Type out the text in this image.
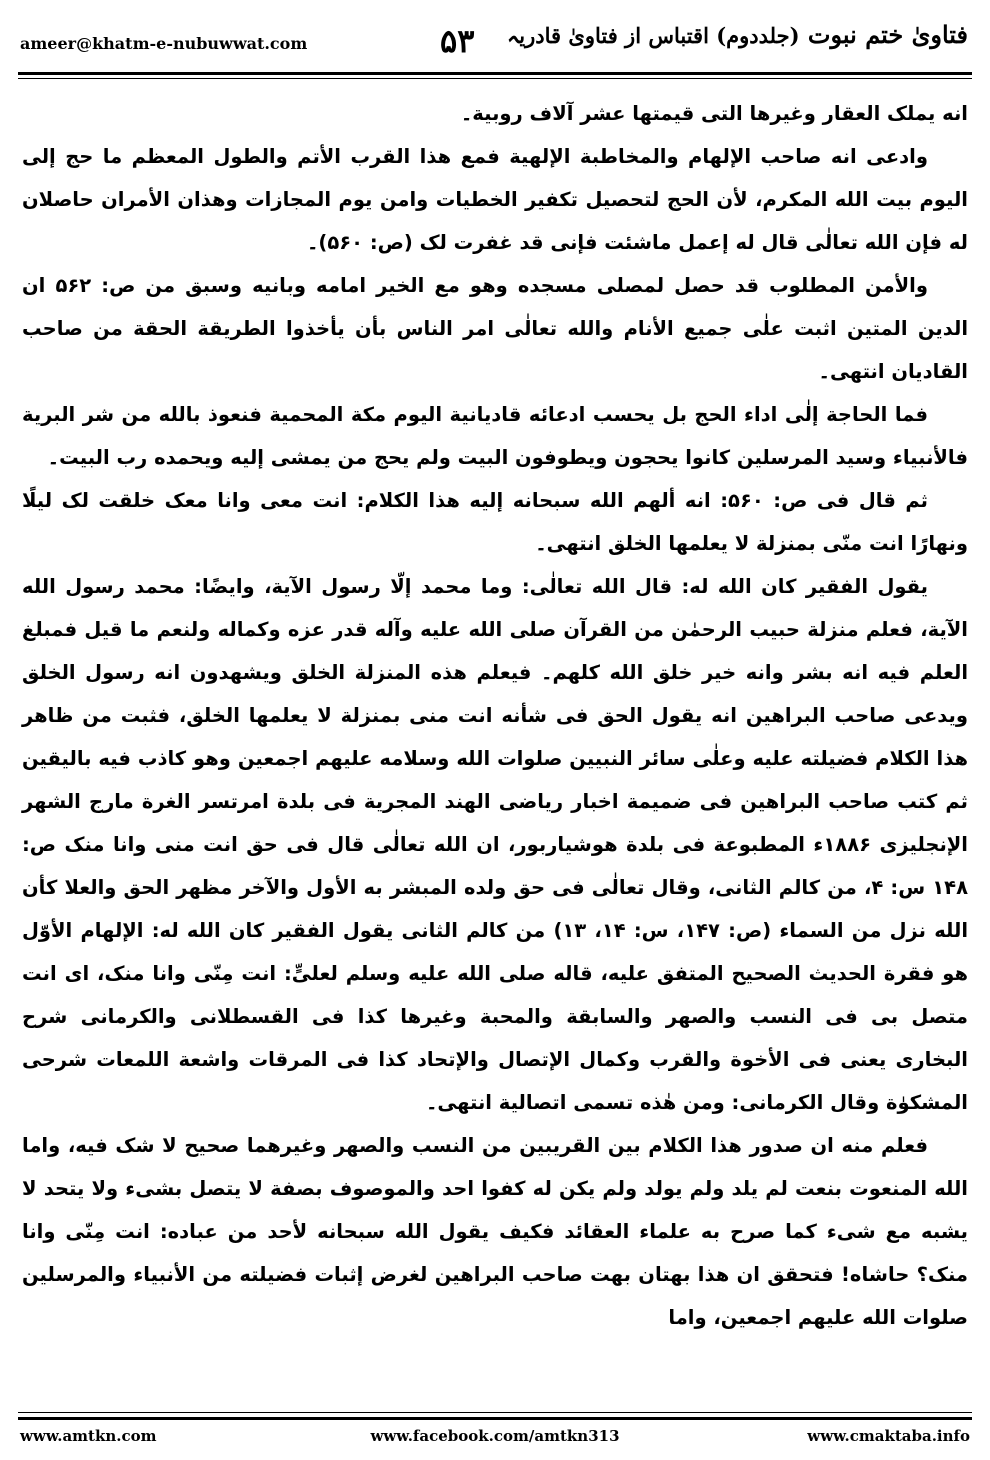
ameer@khatm-e-nubuwwat.com	۵۳	فتاویٰ ختم نبوت (جلددوم) اقتباس از فتاویٰ قادریہ

انه يملک العقار وغيرها التی قيمتها عشر آلاف روبية۔

وادعی انه صاحب الإلهام والمخاطبة الإلهية فمع هذا القرب الأتم والطول المعظم ما حج إلی اليوم بيت الله المکرم، لأن الحج لتحصيل تکفير الخطيات وامن يوم المجازات وهذان الأمران حاصلان له فإن الله تعالٰی قال له إعمل ماشئت فإنی قد غفرت لک (ص: ۵۶۰)۔

والأمن المطلوب قد حصل لمصلی مسجده وهو مع الخير امامه وبانيه وسبق من ص: ۵۶۲ ان الدين المتين اثبت علٰی جميع الأنام والله تعالٰی امر الناس بأن يأخذوا الطريقة الحقة من صاحب القاديان انتهی۔

فما الحاجة إلٰی اداء الحج بل يحسب ادعائه قاديانية اليوم مکة المحمية فنعوذ بالله من شر البرية فالأنبياء وسيد المرسلين کانوا يحجون ويطوفون البيت ولم يحج من يمشی إليه ويحمده رب البيت۔

ثم قال فی ص: ۵۶۰: انه ألهم الله سبحانه إليه هذا الکلام: انت معی وانا معک خلقت لک ليلًا ونهارًا انت منّی بمنزلة لا يعلمها الخلق انتهی۔

يقول الفقير کان الله له: قال الله تعالٰی: وما محمد إلّا رسول الآية، وايضًا: محمد رسول الله الآية، فعلم منزلة حبيب الرحمٰن من القرآن صلی الله عليه وآله قدر عزه وکماله ولنعم ما قيل فمبلغ العلم فيه انه بشر وانه خير خلق الله کلهم۔ فيعلم هذه المنزلة الخلق ويشهدون انه رسول الخلق ويدعی صاحب البراهين انه يقول الحق فی شأنه انت منی بمنزلة لا يعلمها الخلق، فثبت من ظاهر هذا الکلام فضيلته عليه وعلٰی سائر النبيين صلوات الله وسلامه عليهم اجمعين وهو کاذب فيه باليقين ثم کتب صاحب البراهين فی ضميمة اخبار رياضی الهند المجرية فی بلدة امرتسر الغرة مارج الشهر الإنجليزی ۱۸۸۶ء المطبوعة فی بلدة هوشياربور، ان الله تعالٰی قال فی حق انت منی وانا منک ص: ۱۴۸ س: ۴، من کالم الثانی، وقال تعالٰی فی حق ولده المبشر به الأول والآخر مظهر الحق والعلا کأن الله نزل من السماء (ص: ۱۴۷، س: ۱۴، ۱۳) من کالم الثانی يقول الفقير کان الله له: الإلهام الأوّل هو فقرة الحديث الصحيح المتفق عليه، قاله صلی الله عليه وسلم لعلیٍّ: انت مِنّی وانا منک، ای انت متصل بی فی النسب والصهر والسابقة والمحبة وغيرها کذا فی القسطلانی والکرمانی شرح البخاری يعنی فی الأخوة والقرب وکمال الإتصال والإتحاد کذا فی المرقات واشعة اللمعات شرحی المشکوٰة وقال الکرمانی: ومن هٰذه تسمی اتصالية انتهی۔

فعلم منه ان صدور هذا الکلام بين القريبين من النسب والصهر وغيرهما صحيح لا شک فيه، واما الله المنعوت بنعت لم يلد ولم يولد ولم يکن له کفوا احد والموصوف بصفة لا يتصل بشیء ولا يتحد لا يشبه مع شیء کما صرح به علماء العقائد فکيف يقول الله سبحانه لأحد من عباده: انت مِنّی وانا منک؟ حاشاه! فتحقق ان هذا بهتان بهت صاحب البراهين لغرض إثبات فضيلته من الأنبياء والمرسلين صلوات الله عليهم اجمعين، واما

www.amtkn.com	www.facebook.com/amtkn313	www.cmaktaba.info
